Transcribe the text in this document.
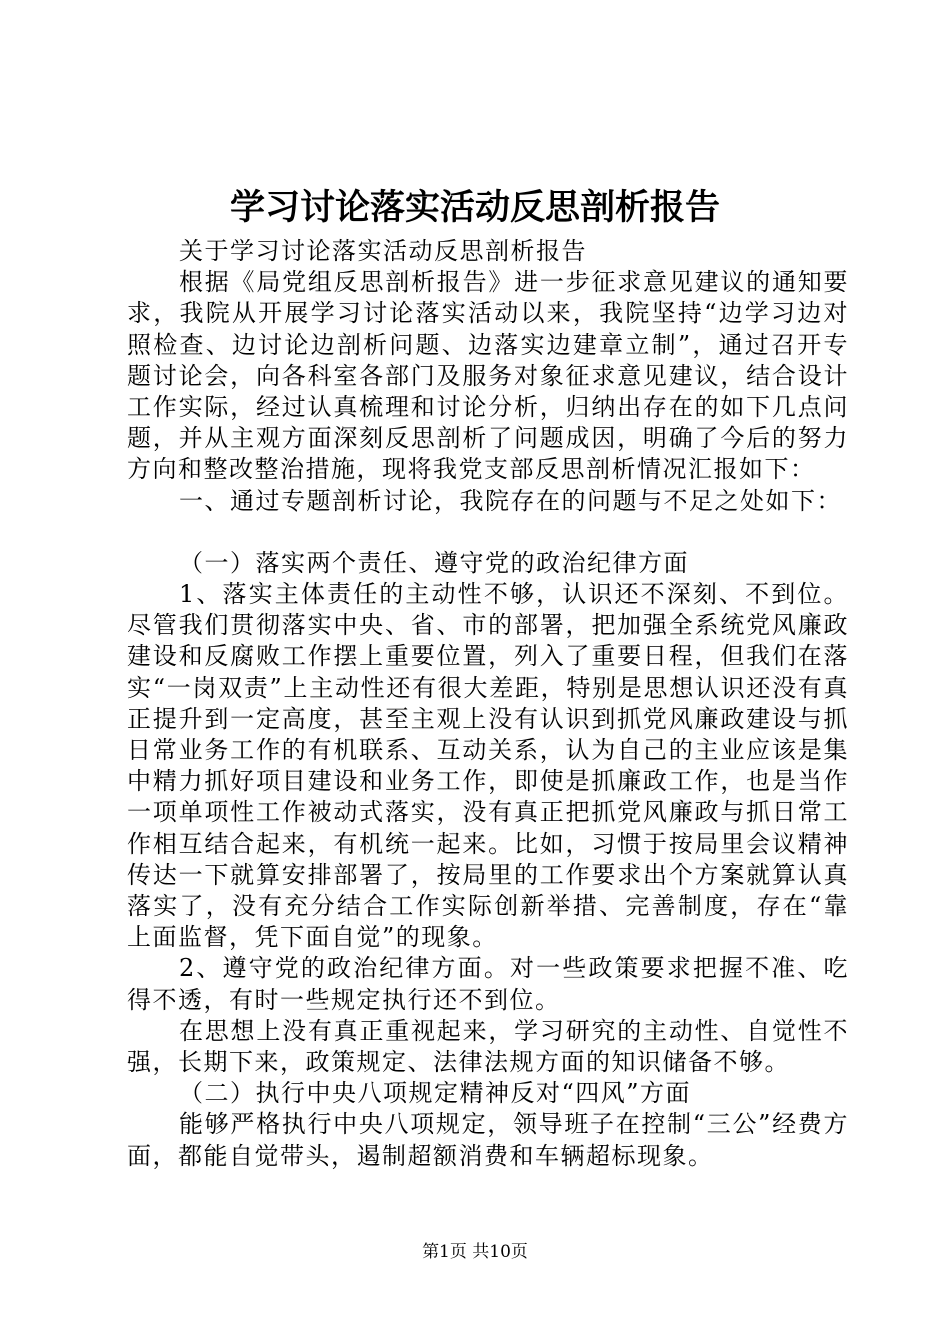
学习讨论落实活动反思剖析报告

关于学习讨论落实活动反思剖析报告

根据《局党组反思剖析报告》进一步征求意见建议的通知要求，我院从开展学习讨论落实活动以来，我院坚持“边学习边对照检查、边讨论边剖析问题、边落实边建章立制”，通过召开专题讨论会，向各科室各部门及服务对象征求意见建议，结合设计工作实际，经过认真梳理和讨论分析，归纳出存在的如下几点问题，并从主观方面深刻反思剖析了问题成因，明确了今后的努力方向和整改整治措施，现将我党支部反思剖析情况汇报如下：

一、通过专题剖析讨论，我院存在的问题与不足之处如下：

（一）落实两个责任、遵守党的政治纪律方面

1、落实主体责任的主动性不够，认识还不深刻、不到位。尽管我们贯彻落实中央、省、市的部署，把加强全系统党风廉政建设和反腐败工作摆上重要位置，列入了重要日程，但我们在落实“一岗双责”上主动性还有很大差距，特别是思想认识还没有真正提升到一定高度，甚至主观上没有认识到抓党风廉政建设与抓日常业务工作的有机联系、互动关系，认为自己的主业应该是集中精力抓好项目建设和业务工作，即使是抓廉政工作，也是当作一项单项性工作被动式落实，没有真正把抓党风廉政与抓日常工作相互结合起来，有机统一起来。比如，习惯于按局里会议精神传达一下就算安排部署了，按局里的工作要求出个方案就算认真落实了，没有充分结合工作实际创新举措、完善制度，存在“靠上面监督，凭下面自觉”的现象。

2、遵守党的政治纪律方面。对一些政策要求把握不准、吃得不透，有时一些规定执行还不到位。

在思想上没有真正重视起来，学习研究的主动性、自觉性不强，长期下来，政策规定、法律法规方面的知识储备不够。

（二）执行中央八项规定精神反对“四风”方面

能够严格执行中央八项规定，领导班子在控制“三公”经费方面，都能自觉带头，遏制超额消费和车辆超标现象。

第1页 共10页
